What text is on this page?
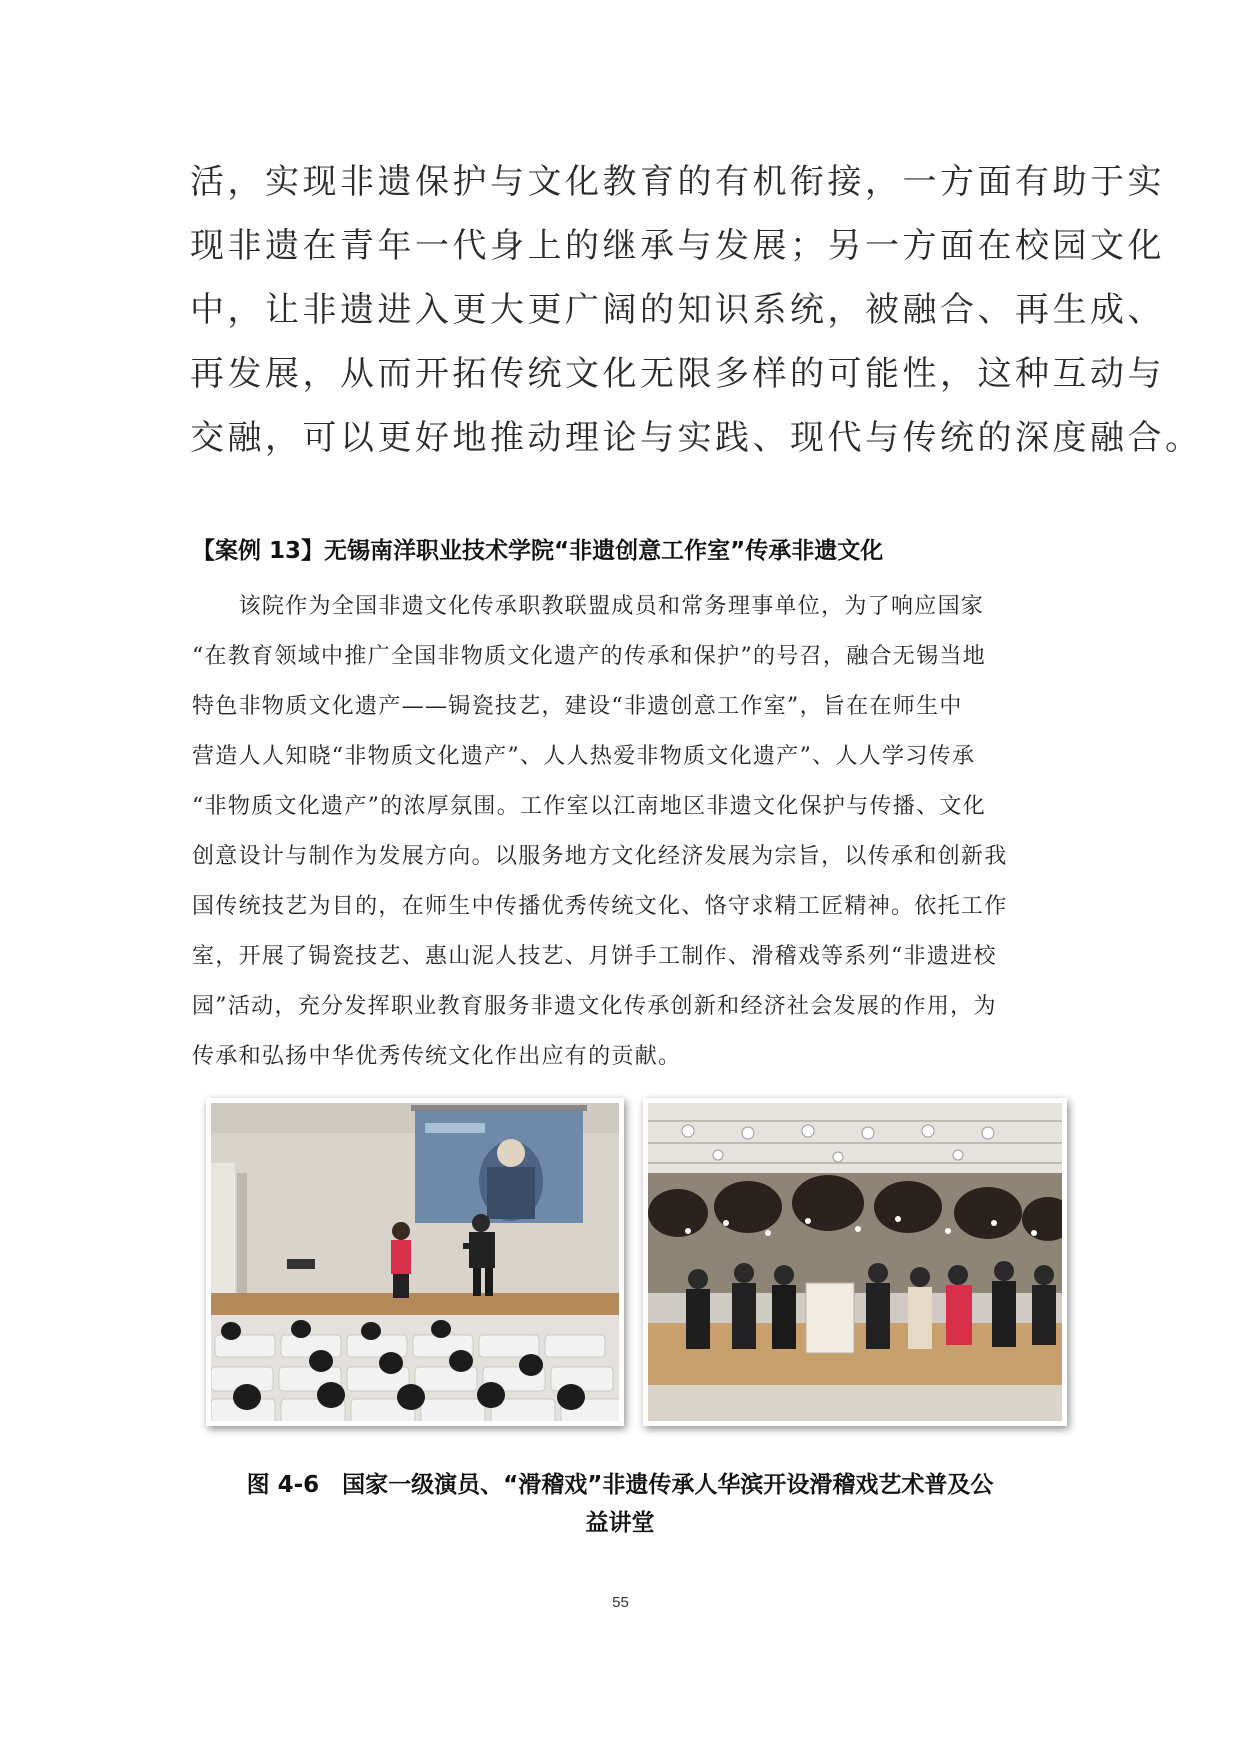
活，实现非遗保护与文化教育的有机衔接，一方面有助于实
现非遗在青年一代身上的继承与发展；另一方面在校园文化
中，让非遗进入更大更广阔的知识系统，被融合、再生成、
再发展，从而开拓传统文化无限多样的可能性，这种互动与
交融，可以更好地推动理论与实践、现代与传统的深度融合。
【案例 13】无锡南洋职业技术学院“非遗创意工作室”传承非遗文化
　　该院作为全国非遗文化传承职教联盟成员和常务理事单位，为了响应国家
“在教育领域中推广全国非物质文化遗产的传承和保护”的号召，融合无锡当地
特色非物质文化遗产——锔瓷技艺，建设“非遗创意工作室”，旨在在师生中
营造人人知晓“非物质文化遗产”、人人热爱非物质文化遗产”、人人学习传承
“非物质文化遗产”的浓厚氛围。工作室以江南地区非遗文化保护与传播、文化
创意设计与制作为发展方向。以服务地方文化经济发展为宗旨，以传承和创新我
国传统技艺为目的，在师生中传播优秀传统文化、恪守求精工匠精神。依托工作
室，开展了锔瓷技艺、惠山泥人技艺、月饼手工制作、滑稽戏等系列“非遗进校
园”活动，充分发挥职业教育服务非遗文化传承创新和经济社会发展的作用，为
传承和弘扬中华优秀传统文化作出应有的贡献。
图 4-6　国家一级演员、“滑稽戏”非遗传承人华滨开设滑稽戏艺术普及公
益讲堂
55
